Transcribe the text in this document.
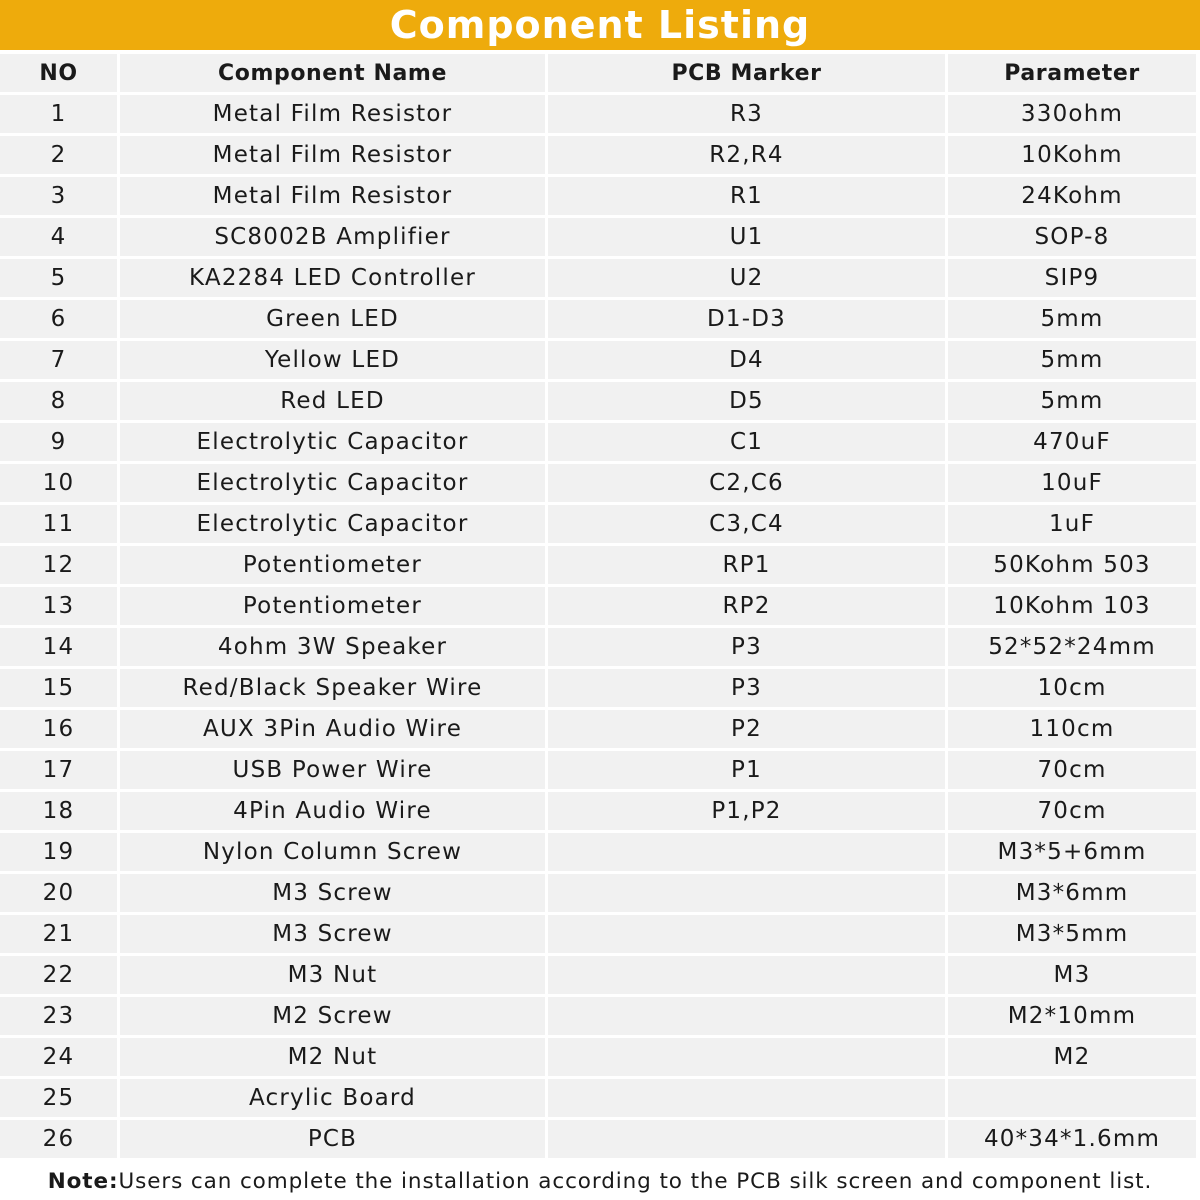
Component Listing
NO	Component Name	PCB Marker	Parameter
1	Metal Film Resistor	R3	330ohm
2	Metal Film Resistor	R2,R4	10Kohm
3	Metal Film Resistor	R1	24Kohm
4	SC8002B Amplifier	U1	SOP-8
5	KA2284 LED Controller	U2	SIP9
6	Green LED	D1-D3	5mm
7	Yellow LED	D4	5mm
8	Red LED	D5	5mm
9	Electrolytic Capacitor	C1	470uF
10	Electrolytic Capacitor	C2,C6	10uF
11	Electrolytic Capacitor	C3,C4	1uF
12	Potentiometer	RP1	50Kohm 503
13	Potentiometer	RP2	10Kohm 103
14	4ohm 3W Speaker	P3	52*52*24mm
15	Red/Black Speaker Wire	P3	10cm
16	AUX 3Pin Audio Wire	P2	110cm
17	USB Power Wire	P1	70cm
18	4Pin Audio Wire	P1,P2	70cm
19	Nylon Column Screw		M3*5+6mm
20	M3 Screw		M3*6mm
21	M3 Screw		M3*5mm
22	M3 Nut		M3
23	M2 Screw		M2*10mm
24	M2 Nut		M2
25	Acrylic Board		
26	PCB		40*34*1.6mm
Note: Users can complete the installation according to the PCB silk screen and component list.
